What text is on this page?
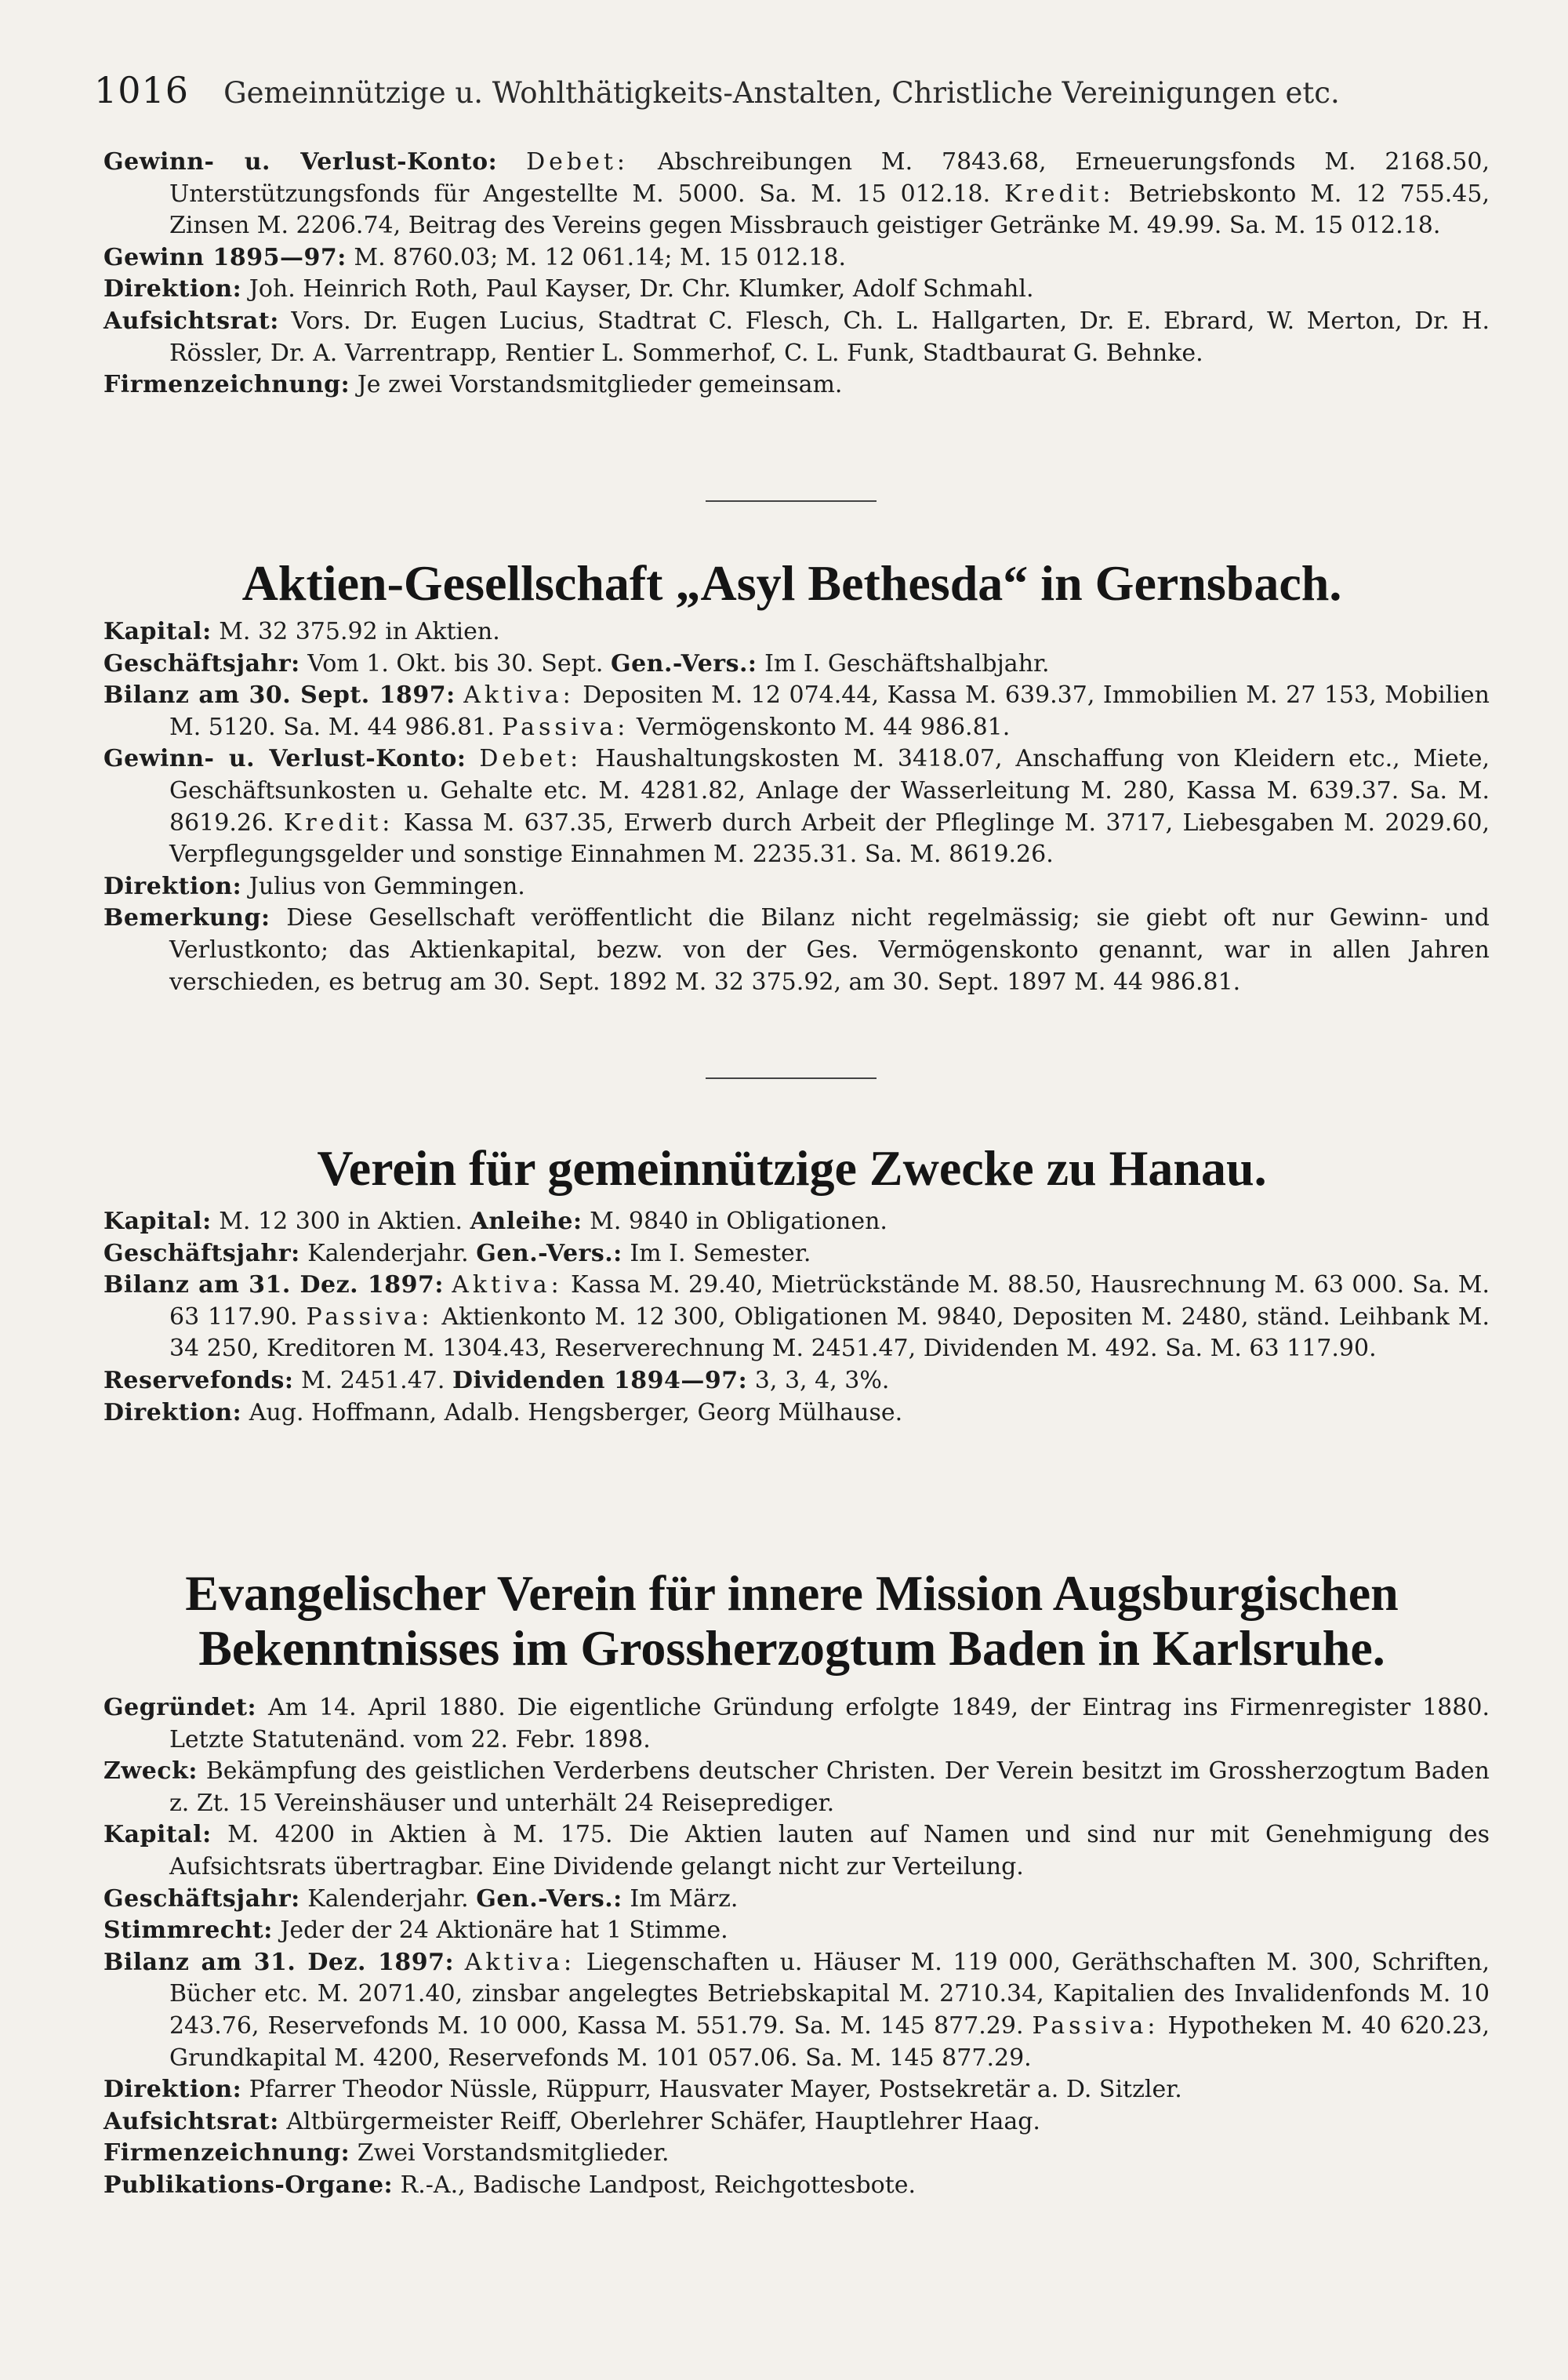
1016 Gemeinnützige u. Wohlthätigkeits-Anstalten, Christliche Vereinigungen etc.

Gewinn- u. Verlust-Konto: Debet: Abschreibungen M. 7843.68, Erneuerungsfonds M. 2168.50, Unterstützungsfonds für Angestellte M. 5000. Sa. M. 15 012.18. Kredit: Betriebskonto M. 12 755.45, Zinsen M. 2206.74, Beitrag des Vereins gegen Missbrauch geistiger Getränke M. 49.99. Sa. M. 15 012.18.

Gewinn 1895—97: M. 8760.03; M. 12 061.14; M. 15 012.18.

Direktion: Joh. Heinrich Roth, Paul Kayser, Dr. Chr. Klumker, Adolf Schmahl.

Aufsichtsrat: Vors. Dr. Eugen Lucius, Stadtrat C. Flesch, Ch. L. Hallgarten, Dr. E. Ebrard, W. Merton, Dr. H. Rössler, Dr. A. Varrentrapp, Rentier L. Sommerhof, C. L. Funk, Stadtbaurat G. Behnke.

Firmenzeichnung: Je zwei Vorstandsmitglieder gemeinsam.

Aktien-Gesellschaft „Asyl Bethesda“ in Gernsbach.

Kapital: M. 32 375.92 in Aktien.

Geschäftsjahr: Vom 1. Okt. bis 30. Sept. Gen.-Vers.: Im I. Geschäftshalbjahr.

Bilanz am 30. Sept. 1897: Aktiva: Depositen M. 12 074.44, Kassa M. 639.37, Immobilien M. 27 153, Mobilien M. 5120. Sa. M. 44 986.81. Passiva: Vermögenskonto M. 44 986.81.

Gewinn- u. Verlust-Konto: Debet: Haushaltungskosten M. 3418.07, Anschaffung von Kleidern etc., Miete, Geschäftsunkosten u. Gehalte etc. M. 4281.82, Anlage der Wasserleitung M. 280, Kassa M. 639.37. Sa. M. 8619.26. Kredit: Kassa M. 637.35, Erwerb durch Arbeit der Pfleglinge M. 3717, Liebesgaben M. 2029.60, Verpflegungsgelder und sonstige Einnahmen M. 2235.31. Sa. M. 8619.26.

Direktion: Julius von Gemmingen.

Bemerkung: Diese Gesellschaft veröffentlicht die Bilanz nicht regelmässig; sie giebt oft nur Gewinn- und Verlustkonto; das Aktienkapital, bezw. von der Ges. Vermögenskonto genannt, war in allen Jahren verschieden, es betrug am 30. Sept. 1892 M. 32 375.92, am 30. Sept. 1897 M. 44 986.81.

Verein für gemeinnützige Zwecke zu Hanau.

Kapital: M. 12 300 in Aktien. Anleihe: M. 9840 in Obligationen.

Geschäftsjahr: Kalenderjahr. Gen.-Vers.: Im I. Semester.

Bilanz am 31. Dez. 1897: Aktiva: Kassa M. 29.40, Mietrückstände M. 88.50, Hausrechnung M. 63 000. Sa. M. 63 117.90. Passiva: Aktienkonto M. 12 300, Obligationen M. 9840, Depositen M. 2480, ständ. Leihbank M. 34 250, Kreditoren M. 1304.43, Reserverechnung M. 2451.47, Dividenden M. 492. Sa. M. 63 117.90.

Reservefonds: M. 2451.47. Dividenden 1894—97: 3, 3, 4, 3%.

Direktion: Aug. Hoffmann, Adalb. Hengsberger, Georg Mülhause.

Evangelischer Verein für innere Mission Augsburgischen
Bekenntnisses im Grossherzogtum Baden in Karlsruhe.

Gegründet: Am 14. April 1880. Die eigentliche Gründung erfolgte 1849, der Eintrag ins Firmenregister 1880. Letzte Statutenänd. vom 22. Febr. 1898.

Zweck: Bekämpfung des geistlichen Verderbens deutscher Christen. Der Verein besitzt im Grossherzogtum Baden z. Zt. 15 Vereinshäuser und unterhält 24 Reiseprediger.

Kapital: M. 4200 in Aktien à M. 175. Die Aktien lauten auf Namen und sind nur mit Genehmigung des Aufsichtsrats übertragbar. Eine Dividende gelangt nicht zur Verteilung.

Geschäftsjahr: Kalenderjahr. Gen.-Vers.: Im März.

Stimmrecht: Jeder der 24 Aktionäre hat 1 Stimme.

Bilanz am 31. Dez. 1897: Aktiva: Liegenschaften u. Häuser M. 119 000, Geräthschaften M. 300, Schriften, Bücher etc. M. 2071.40, zinsbar angelegtes Betriebskapital M. 2710.34, Kapitalien des Invalidenfonds M. 10 243.76, Reservefonds M. 10 000, Kassa M. 551.79. Sa. M. 145 877.29. Passiva: Hypotheken M. 40 620.23, Grundkapital M. 4200, Reservefonds M. 101 057.06. Sa. M. 145 877.29.

Direktion: Pfarrer Theodor Nüssle, Rüppurr, Hausvater Mayer, Postsekretär a. D. Sitzler.

Aufsichtsrat: Altbürgermeister Reiff, Oberlehrer Schäfer, Hauptlehrer Haag.

Firmenzeichnung: Zwei Vorstandsmitglieder.

Publikations-Organe: R.-A., Badische Landpost, Reichgottesbote.
